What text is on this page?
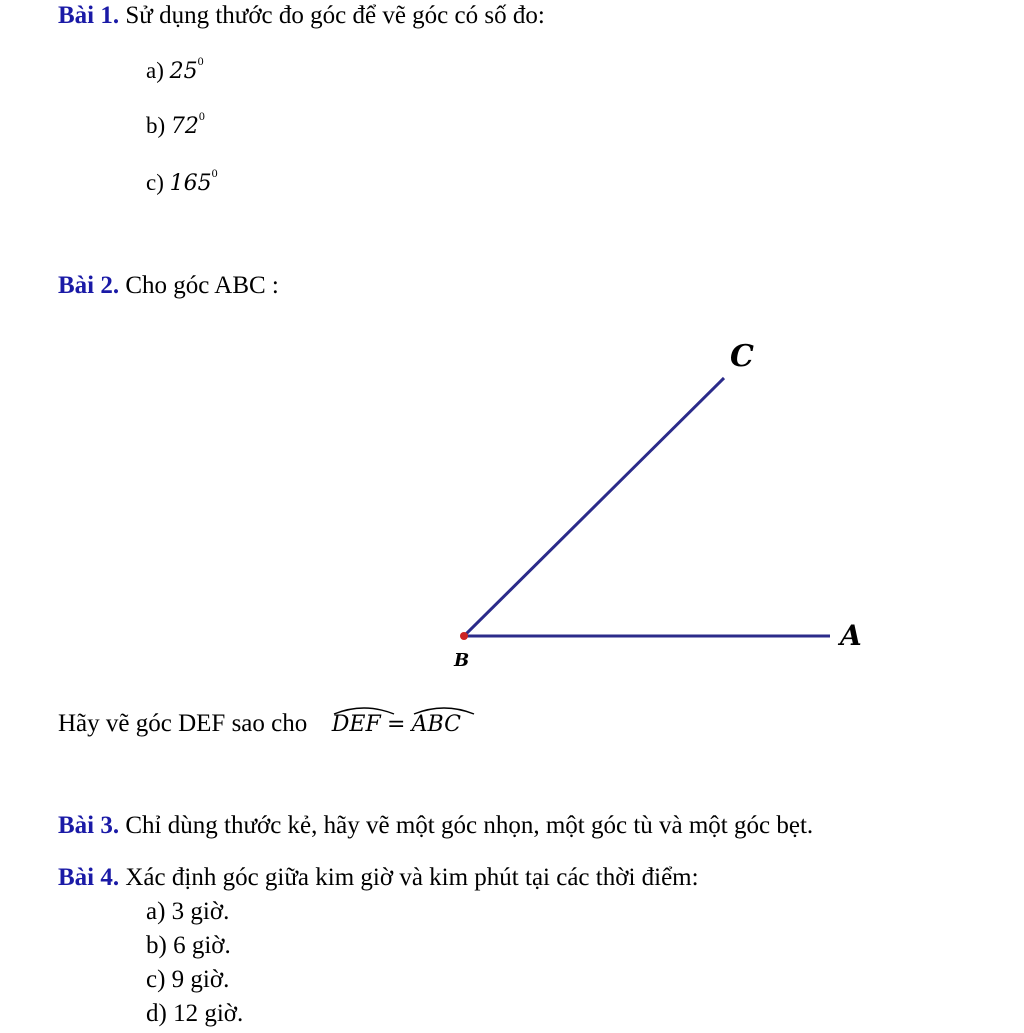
Bài 1. Sử dụng thước đo góc để vẽ góc có số đo:
a) $25^0$
b) $72^0$
c) $165^0$
Bài 2. Cho góc ABC :
C
B
A
Hãy vẽ góc DEF sao cho DEF = ABC
Bài 3. Chỉ dùng thước kẻ, hãy vẽ một góc nhọn, một góc tù và một góc bẹt.
Bài 4. Xác định góc giữa kim giờ và kim phút tại các thời điểm:
a) 3 giờ.
b) 6 giờ.
c) 9 giờ.
d) 12 giờ.
